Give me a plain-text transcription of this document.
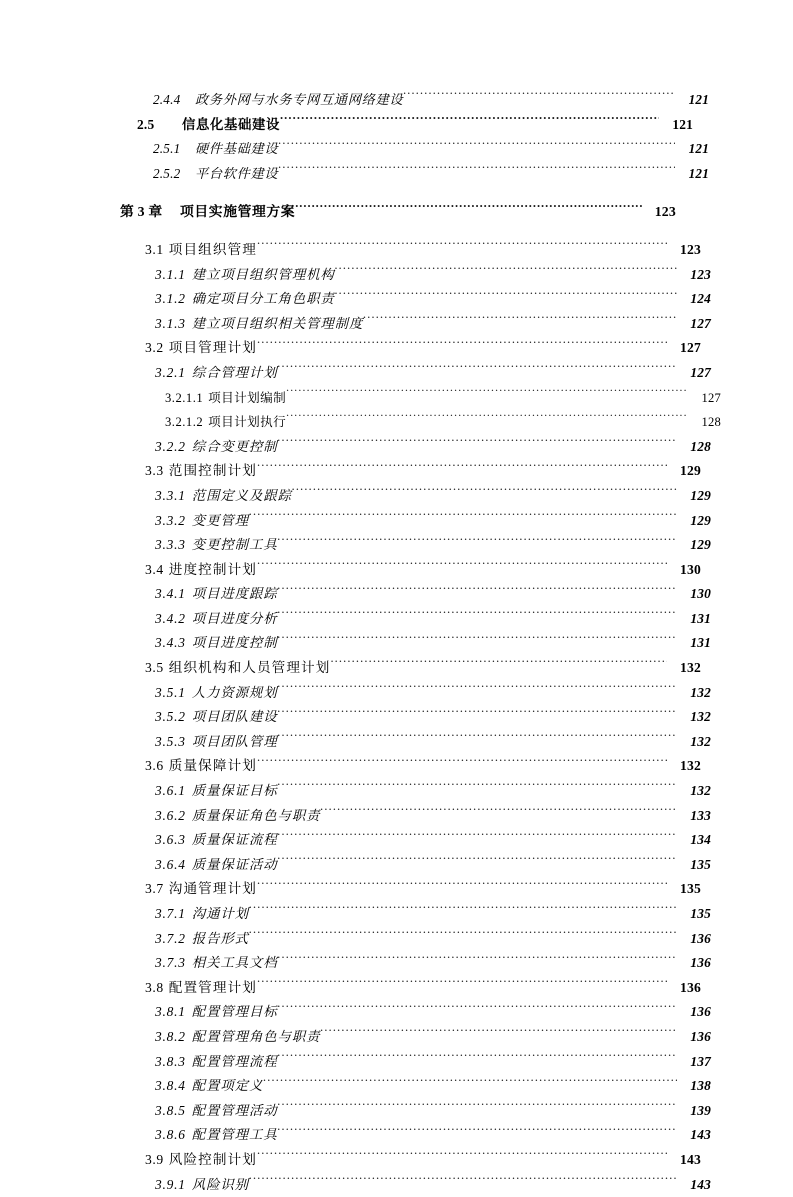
2.4.4	政务外网与水务专网互通网络建设 .....	121
2.5	信息化基础建设 .....	121
2.5.1	硬件基础建设 .....	121
2.5.2	平台软件建设 .....	121
第 3 章	项目实施管理方案 .....	123
3.1 项目组织管理 .....	123
3.1.1 建立项目组织管理机构 .....	123
3.1.2 确定项目分工角色职责 .....	124
3.1.3 建立项目组织相关管理制度 .....	127
3.2 项目管理计划 .....	127
3.2.1 综合管理计划 .....	127
3.2.1.1 项目计划编制 .....	127
3.2.1.2 项目计划执行 .....	128
3.2.2 综合变更控制 .....	128
3.3 范围控制计划 .....	129
3.3.1 范围定义及跟踪 .....	129
3.3.2 变更管理 .....	129
3.3.3 变更控制工具 .....	129
3.4 进度控制计划 .....	130
3.4.1 项目进度跟踪 .....	130
3.4.2 项目进度分析 .....	131
3.4.3 项目进度控制 .....	131
3.5 组织机构和人员管理计划 .....	132
3.5.1 人力资源规划 .....	132
3.5.2 项目团队建设 .....	132
3.5.3 项目团队管理 .....	132
3.6 质量保障计划 .....	132
3.6.1 质量保证目标 .....	132
3.6.2 质量保证角色与职责 .....	133
3.6.3 质量保证流程 .....	134
3.6.4 质量保证活动 .....	135
3.7 沟通管理计划 .....	135
3.7.1 沟通计划 .....	135
3.7.2 报告形式 .....	136
3.7.3 相关工具文档 .....	136
3.8 配置管理计划 .....	136
3.8.1 配置管理目标 .....	136
3.8.2 配置管理角色与职责 .....	136
3.8.3 配置管理流程 .....	137
3.8.4 配置项定义 .....	138
3.8.5 配置管理活动 .....	139
3.8.6 配置管理工具 .....	143
3.9 风险控制计划 .....	143
3.9.1 风险识别 .....	143
